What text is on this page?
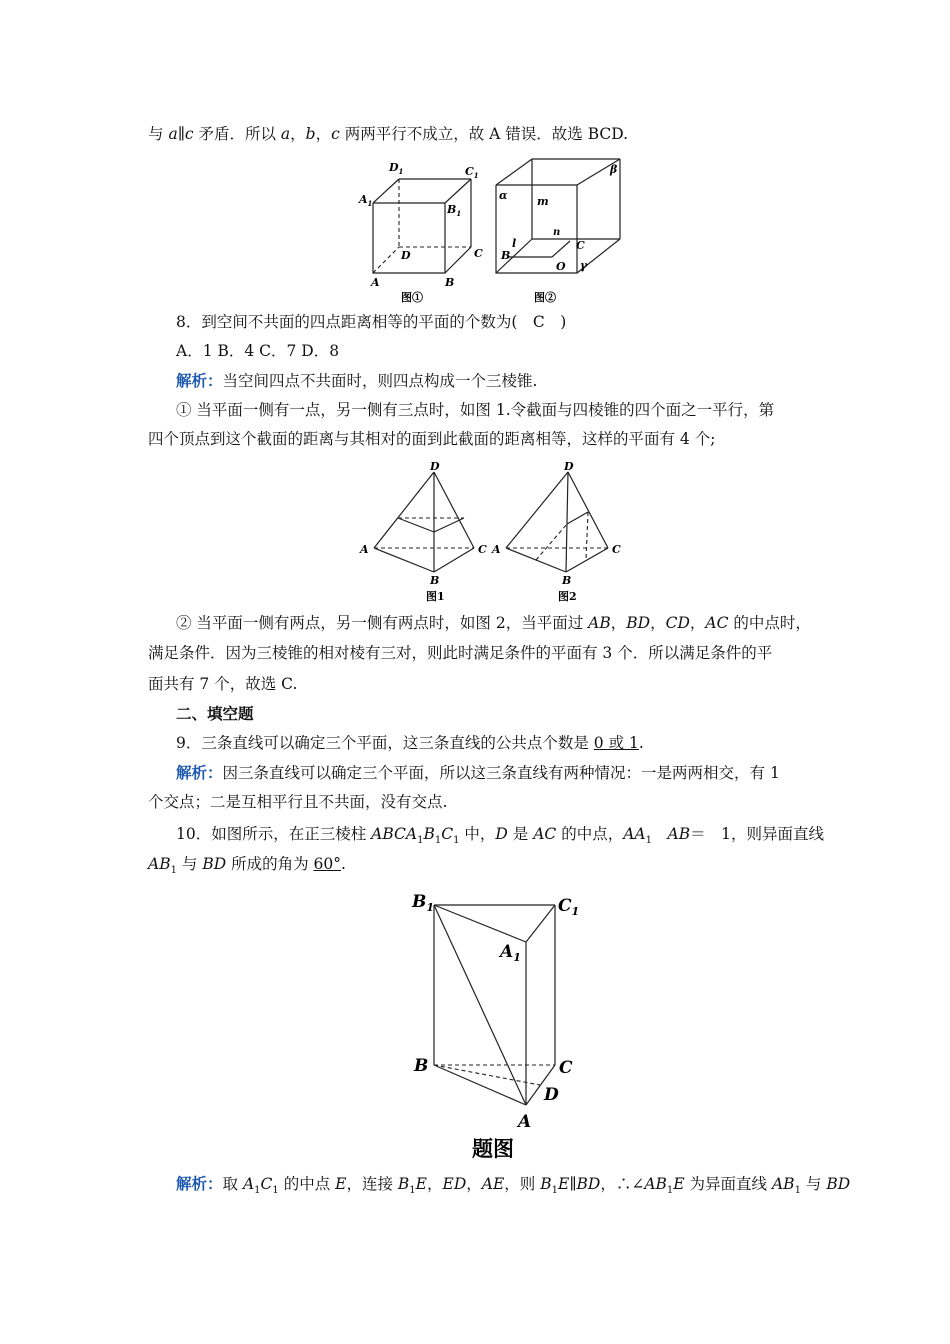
与 a∥c 矛盾．所以 a，b，c 两两平行不成立，故 A 错误．故选 BCD.
$D_1$	$C_1$
$A_1$	$B_1$
D	C
A	B
图①
α
β
m
n
l	C
B
O γ
图②
8．到空间不共面的四点距离相等的平面的个数为(　C　)
A．1 B．4 C．7 D．8
解析：当空间四点不共面时，则四点构成一个三棱锥.
① 当平面一侧有一点，另一侧有三点时，如图 1.令截面与四棱锥的四个面之一平行，第
四个顶点到这个截面的距离与其相对的面到此截面的距离相等，这样的平面有 4 个;
D
A	C
B
图1
D
A	C
B
图2
② 当平面一侧有两点，另一侧有两点时，如图 2，当平面过 AB，BD，CD，AC 的中点时，
满足条件．因为三棱锥的相对棱有三对，则此时满足条件的平面有 3 个．所以满足条件的平
面共有 7 个，故选 C.
二、填空题
9．三条直线可以确定三个平面，这三条直线的公共点个数是 0 或 1.
解析：因三条直线可以确定三个平面，所以这三条直线有两种情况：一是两两相交，有 1
个交点；二是互相平行且不共面，没有交点.
10．如图所示，在正三棱柱 $ABCA_1B_1C_1$ 中，D 是 AC 的中点，$AA_1$　 AB＝　1，则异面直线
$AB_1$ 与 BD 所成的角为 60°.
$B_1$	$C_1$
$A_1$
B	C
D
A
题图
解析：取 $A_1C_1$ 的中点 E，连接 $B_1E$，ED，AE，则 $B_1E\parallel BD$，$\therefore\angle AB_1E$ 为异面直线 $AB_1$ 与 BD
